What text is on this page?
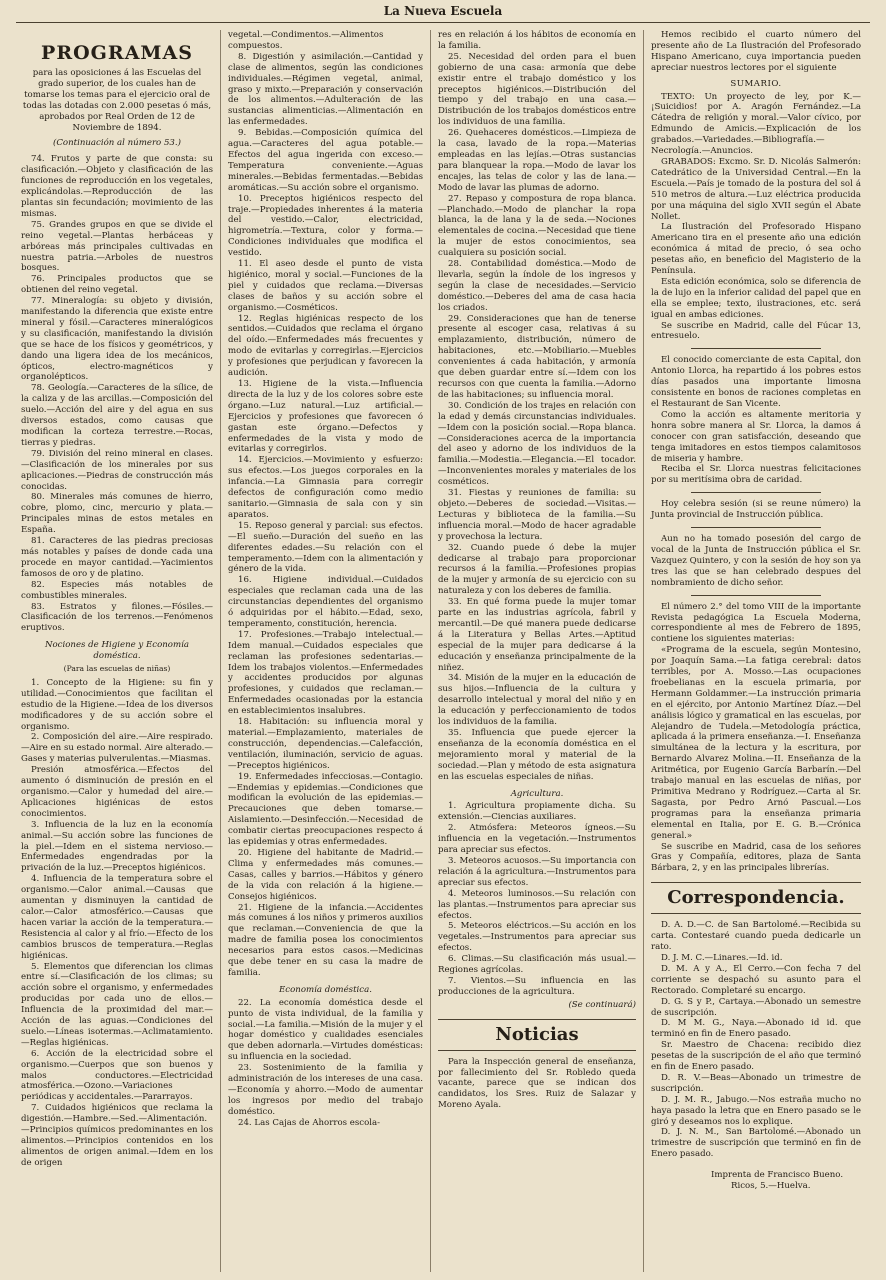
La Nueva Escuela

PROGRAMAS

para las oposiciones á las Escuelas del grado superior, de los cuales han de tomarse los temas para el ejercicio oral de todas las dotadas con 2.000 pesetas ó más, aprobados por Real Orden de 12 de Noviembre de 1894.

(Continuación al número 53.)

74. Frutos y parte de que consta: su clasificación.—Objeto y clasificación de las funciones de reproducción en los vegetales, explicándolas.—Reproducción de las plantas sin fecundación; movimiento de las mismas.

75. Grandes grupos en que se divide el reino vegetal.—Plantas herbáceas y arbóreas más principales cultivadas en nuestra patria.—Arboles de nuestros bosques.

76. Principales productos que se obtienen del reino vegetal.

77. Mineralogía: su objeto y división, manifestando la diferencia que existe entre mineral y fósil.—Caracteres mineralógicos y su clasificación, manifestando la división que se hace de los físicos y geométricos, y dando una ligera idea de los mecánicos, ópticos, electro-magnéticos y organolépticos.

78. Geología.—Caracteres de la sílice, de la caliza y de las arcillas.—Composición del suelo.—Acción del aire y del agua en sus diversos estados, como causas que modifican la corteza terrestre.—Rocas, tierras y piedras.

79. División del reino mineral en clases.—Clasificación de los minerales por sus aplicaciones.—Piedras de construcción más conocidas.

80. Minerales más comunes de hierro, cobre, plomo, cinc, mercurio y plata.—Principales minas de estos metales en España.

81. Caracteres de las piedras preciosas más notables y países de donde cada una procede en mayor cantidad.—Yacimientos famosos de oro y de platino.

82. Especies más notables de combustibles minerales.

83. Estratos y filones.—Fósiles.—Clasificación de los terrenos.—Fenómenos eruptivos.

Nociones de Higiene y Economía doméstica.

(Para las escuelas de niñas)

1. Concepto de la Higiene: su fin y utilidad.—Conocimientos que facilitan el estudio de la Higiene.—Idea de los diversos modificadores y de su acción sobre el organismo.

2. Composición del aire.—Aire respirado.—Aire en su estado normal. Aire alterado.—Gases y materias pulverulentas.—Miasmas.

Presión atmosférica.—Efectos del aumento ó disminución de presión en el organismo.—Calor y humedad del aire.—Aplicaciones higiénicas de estos conocimientos.

3. Influencia de la luz en la economía animal.—Su acción sobre las funciones de la piel.—Idem en el sistema nervioso.—Enfermedades engendradas por la privación de la luz.—Preceptos higiénicos.

4. Influencia de la temperatura sobre el organismo.—Calor animal.—Causas que aumentan y disminuyen la cantidad de calor.—Calor atmosférico.—Causas que hacen variar la acción de la temperatura.—Resistencia al calor y al frío.—Efecto de los cambios bruscos de temperatura.—Reglas higiénicas.

5. Elementos que diferencian los climas entre sí.—Clasificación de los climas; su acción sobre el organismo, y enfermedades producidas por cada uno de ellos.—Influencia de la proximidad del mar.—Acción de las aguas.—Condiciones del suelo.—Líneas isotermas.—Aclimatamiento.—Reglas higiénicas.

6. Acción de la electricidad sobre el organismo.—Cuerpos que son buenos y malos conductores.—Electricidad atmosférica.—Ozono.—Variaciones periódicas y accidentales.—Pararrayos.

7. Cuidados higiénicos que reclama la digestión.—Hambre.—Sed.—Alimentación.—Principios químicos predominantes en los alimentos.—Principios contenidos en los alimentos de origen animal.—Idem en los de origen

vegetal.—Condimentos.—Alimentos compuestos.

8. Digestión y asimilación.—Cantidad y clase de alimentos, según las condiciones individuales.—Régimen vegetal, animal, graso y mixto.—Preparación y conservación de los alimentos.—Adulteración de las sustancias alimenticias.—Alimentación en las enfermedades.

9. Bebidas.—Composición química del agua.—Caracteres del agua potable.—Efectos del agua ingerida con exceso.—Temperatura conveniente.—Aguas minerales.—Bebidas fermentadas.—Bebidas aromáticas.—Su acción sobre el organismo.

10. Preceptos higiénicos respecto del traje.—Propiedades inherentes á la materia del vestido.—Calor, electricidad, higrometría.—Textura, color y forma.—Condiciones individuales que modifica el vestido.

11. El aseo desde el punto de vista higiénico, moral y social.—Funciones de la piel y cuidados que reclama.—Diversas clases de baños y su acción sobre el organismo.—Cosméticos.

12. Reglas higiénicas respecto de los sentidos.—Cuidados que reclama el órgano del oído.—Enfermedades más frecuentes y modo de evitarlas y corregirlas.—Ejercicios y profesiones que perjudican y favorecen la audición.

13. Higiene de la vista.—Influencia directa de la luz y de los colores sobre este órgano.—Luz natural.—Luz artificial.—Ejercicios y profesiones que favorecen ó gastan este órgano.—Defectos y enfermedades de la vista y modo de evitarlas y corregirlos.

14. Ejercicios.—Movimiento y esfuerzo: sus efectos.—Los juegos corporales en la infancia.—La Gimnasia para corregir defectos de configuración como medio sanitario.—Gimnasia de sala con y sin aparatos.

15. Reposo general y parcial: sus efectos.—El sueño.—Duración del sueño en las diferentes edades.—Su relación con el temperamento.—Idem con la alimentación y género de la vida.

16. Higiene individual.—Cuidados especiales que reclaman cada una de las circunstancias dependientes del organismo ó adquiridas por el hábito.—Edad, sexo, temperamento, constitución, herencia.

17. Profesiones.—Trabajo intelectual.—Idem manual.—Cuidados especiales que reclaman las profesiones sedentarias.—Idem los trabajos violentos.—Enfermedades y accidentes producidos por algunas profesiones, y cuidados que reclaman.—Enfermedades ocasionadas por la estancia en establecimientos insalubres.

18. Habitación: su influencia moral y material.—Emplazamiento, materiales de construcción, dependencias.—Calefacción, ventilación, iluminación, servicio de aguas.—Preceptos higiénicos.

19. Enfermedades infecciosas.—Contagio.—Endemias y epidemias.—Condiciones que modifican la evolución de las epidemias.—Precauciones que deben tomarse.—Aislamiento.—Desinfección.—Necesidad de combatir ciertas preocupaciones respecto á las epidemias y otras enfermedades.

20. Higiene del habitante de Madrid.—Clima y enfermedades más comunes.—Casas, calles y barrios.—Hábitos y género de la vida con relación á la higiene.—Consejos higiénicos.

21. Higiene de la infancia.—Accidentes más comunes á los niños y primeros auxilios que reclaman.—Conveniencia de que la madre de familia posea los conocimientos necesarios para estos casos.—Medicinas que debe tener en su casa la madre de familia.

Economía doméstica.

22. La economía doméstica desde el punto de vista individual, de la familia y social.—La familia.—Misión de la mujer y el hogar doméstico y cualidades esenciales que deben adornarla.—Virtudes domésticas: su influencia en la sociedad.

23. Sostenimiento de la familia y administración de los intereses de una casa.—Economía y ahorro.—Modo de aumentar los ingresos por medio del trabajo doméstico.

24. Las Cajas de Ahorros escola-

res en relación á los hábitos de economía en la familia.

25. Necesidad del orden para el buen gobierno de una casa: armonía que debe existir entre el trabajo doméstico y los preceptos higiénicos.—Distribución del tiempo y del trabajo en una casa.—Distribución de los trabajos domésticos entre los individuos de una familia.

26. Quehaceres domésticos.—Limpieza de la casa, lavado de la ropa.—Materias empleadas en las lejías.—Otras sustancias para blanquear la ropa.—Modo de lavar los encajes, las telas de color y las de lana.—Modo de lavar las plumas de adorno.

27. Repaso y compostura de ropa blanca.—Planchado.—Modo de planchar la ropa blanca, la de lana y la de seda.—Nociones elementales de cocina.—Necesidad que tiene la mujer de estos conocimientos, sea cualquiera su posición social.

28. Contabilidad doméstica.—Modo de llevarla, según la índole de los ingresos y según la clase de necesidades.—Servicio doméstico.—Deberes del ama de casa hacia los criados.

29. Consideraciones que han de tenerse presente al escoger casa, relativas á su emplazamiento, distribución, número de habitaciones, etc.—Mobiliario.—Muebles convenientes á cada habitación, y armonía que deben guardar entre sí.—Idem con los recursos con que cuenta la familia.—Adorno de las habitaciones; su influencia moral.

30. Condición de los trajes en relación con la edad y demás circunstancias individuales.—Idem con la posición social.—Ropa blanca.—Consideraciones acerca de la importancia del aseo y adorno de los individuos de la familia.—Modestia.—Elegancia.—El tocador.—Inconvenientes morales y materiales de los cosméticos.

31. Fiestas y reuniones de familia: su objeto.—Deberes de sociedad.—Visitas.—Lecturas y biblioteca de la familia.—Su influencia moral.—Modo de hacer agradable y provechosa la lectura.

32. Cuando puede ó debe la mujer dedicarse al trabajo para proporcionar recursos á la familia.—Profesiones propias de la mujer y armonía de su ejercicio con su naturaleza y con los deberes de familia.

33. En qué forma puede la mujer tomar parte en las industrias agrícola, fabril y mercantil.—De qué manera puede dedicarse á la Literatura y Bellas Artes.—Aptitud especial de la mujer para dedicarse á la educación y enseñanza principalmente de la niñez.

34. Misión de la mujer en la educación de sus hijos.—Influencia de la cultura y desarrollo intelectual y moral del niño y en la educación y perfeccionamiento de todos los individuos de la familia.

35. Influencia que puede ejercer la enseñanza de la economía doméstica en el mejoramiento moral y material de la sociedad.—Plan y método de esta asignatura en las escuelas especiales de niñas.

Agricultura.

1. Agricultura propiamente dicha. Su extensión.—Ciencias auxiliares.

2. Atmósfera: Meteoros ígneos.—Su influencia en la vegetación.—Instrumentos para apreciar sus efectos.

3. Meteoros acuosos.—Su importancia con relación á la agricultura.—Instrumentos para apreciar sus efectos.

4. Meteoros luminosos.—Su relación con las plantas.—Instrumentos para apreciar sus efectos.

5. Meteoros eléctricos.—Su acción en los vegetales.—Instrumentos para apreciar sus efectos.

6. Climas.—Su clasificación más usual.—Regiones agrícolas.

7. Vientos.—Su influencia en las producciones de la agricultura.

(Se continuará)

Noticias

Para la Inspección general de enseñanza, por fallecimiento del Sr. Robledo queda vacante, parece que se indican dos candidatos, los Sres. Ruiz de Salazar y Moreno Ayala.

Hemos recibido el cuarto número del presente año de La Ilustración del Profesorado Hispano Americano, cuya importancia pueden apreciar nuestros lectores por el siguiente

SUMARIO.

TEXTO: Un proyecto de ley, por K.—¡Suicidios! por A. Aragón Fernández.—La Cátedra de religión y moral.—Valor cívico, por Edmundo de Amicis.—Explicación de los grabados.—Variedades.—Bibliografía.—Necrología.—Anuncios.

GRABADOS: Excmo. Sr. D. Nicolás Salmerón: Catedrático de la Universidad Central.—En la Escuela.—País je tomado de la postura del sol á 510 metros de altura.—Luz eléctrica producida por una máquina del siglo XVII según el Abate Nollet.

La Ilustración del Profesorado Hispano Americano tira en el presente año una edición económica á mitad de precio, ó sea ocho pesetas año, en beneficio del Magisterio de la Península.

Esta edición económica, solo se diferencia de la de lujo en la inferior calidad del papel que en ella se emplee; texto, ilustraciones, etc. será igual en ambas ediciones.

Se suscribe en Madrid, calle del Fúcar 13, entresuelo.

El conocido comerciante de esta Capital, don Antonio Llorca, ha repartido á los pobres estos días pasados una importante limosna consistente en bonos de raciones completas en el Restaurant de San Vicente.

Como la acción es altamente meritoria y honra sobre manera al Sr. Llorca, la damos á conocer con gran satisfacción, deseando que tenga imitadores en estos tiempos calamitosos de miseria y hambre.

Reciba el Sr. Llorca nuestras felicitaciones por su meritísima obra de caridad.

Hoy celebra sesión (si se reune número) la Junta provincial de Instrucción pública.

Aun no ha tomado posesión del cargo de vocal de la Junta de Instrucción pública el Sr. Vazquez Quintero, y con la sesión de hoy son ya tres las que se han celebrado despues del nombramiento de dicho señor.

El número 2.° del tomo VIII de la importante Revista pedagógica La Escuela Moderna, correspondiente al mes de Febrero de 1895, contiene los siguientes materias:

«Programa de la escuela, según Montesino, por Joaquín Sama.—La fatiga cerebral: datos terribles, por A. Mosso.—Las ocupaciones froebelianas en la escuela primaria, por Hermann Goldammer.—La instrucción primaria en el ejército, por Antonio Martínez Díaz.—Del análisis lógico y gramatical en las escuelas, por Alejandro de Tudela.—Metodología práctica, aplicada á la primera enseñanza.—I. Enseñanza simultánea de la lectura y la escritura, por Bernardo Alvarez Molina.—II. Enseñanza de la Aritmética, por Eugenio García Barbarín.—Del trabajo manual en las escuelas de niñas, por Primitiva Medrano y Rodríguez.—Carta al Sr. Sagasta, por Pedro Arnó Pascual.—Los programas para la enseñanza primaria elemental en Italia, por E. G. B.—Crónica general.»

Se suscribe en Madrid, casa de los señores Gras y Compañía, editores, plaza de Santa Bárbara, 2, y en las principales librerías.

Correspondencia.

D. A. D.—C. de San Bartolomé.—Recibida su carta. Contestaré cuando pueda dedicarle un rato.

D. J. M. C.—Linares.—Id. id.

D. M. A y A., El Cerro.—Con fecha 7 del corriente se despachó su asunto para el Rectorado. Completaré su encargo.

D. G. S y P., Cartaya.—Abonado un semestre de suscripción.

D. M M. G., Naya.—Abonado id id. que terminó en fin de Enero pasado.

Sr. Maestro de Chacena: recibido diez pesetas de la suscripción de el año que terminó en fin de Enero pasado.

D. R. V.—Beas—Abonado un trimestre de suscripción.

D. J. M. R., Jabugo.—Nos estraña mucho no haya pasado la letra que en Enero pasado se le giró y deseamos nos lo explique.

D. J. N. M., San Bartolomé.—Abonado un trimestre de suscripción que terminó en fin de Enero pasado.

Imprenta de Francisco Bueno.

Ricos, 5.—Huelva.
